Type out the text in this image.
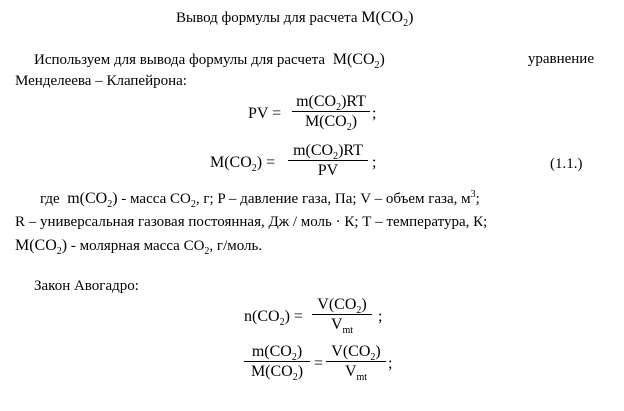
Вывод формулы для расчета $M(CO_2)$
Используем для вывода формулы для расчета $M(CO_2)$	уравнение
Менделеева – Клапейрона:
PV =
$m(CO_2)RT$
$M(CO_2)$ ;
$M(CO_2)$ =
$m(CO_2)RT$
PV	;	(1.1.)
где $m(CO_2)$ - масса $CO_2$, г; P – давление газа, Па; V – объем газа, $м^3$;
R – универсальная газовая постоянная, Дж / моль · К; Т – температура, К;
$M(CO_2)$ - молярная масса $CO_2$, г/моль.
Закон Авогадро:
$n(CO_2)$ =
$V(CO_2)$
$V_{mt}$
;
$m(CO_2)$
$M(CO_2)$ =
$V(CO_2)$
$V_{mt}$
;
